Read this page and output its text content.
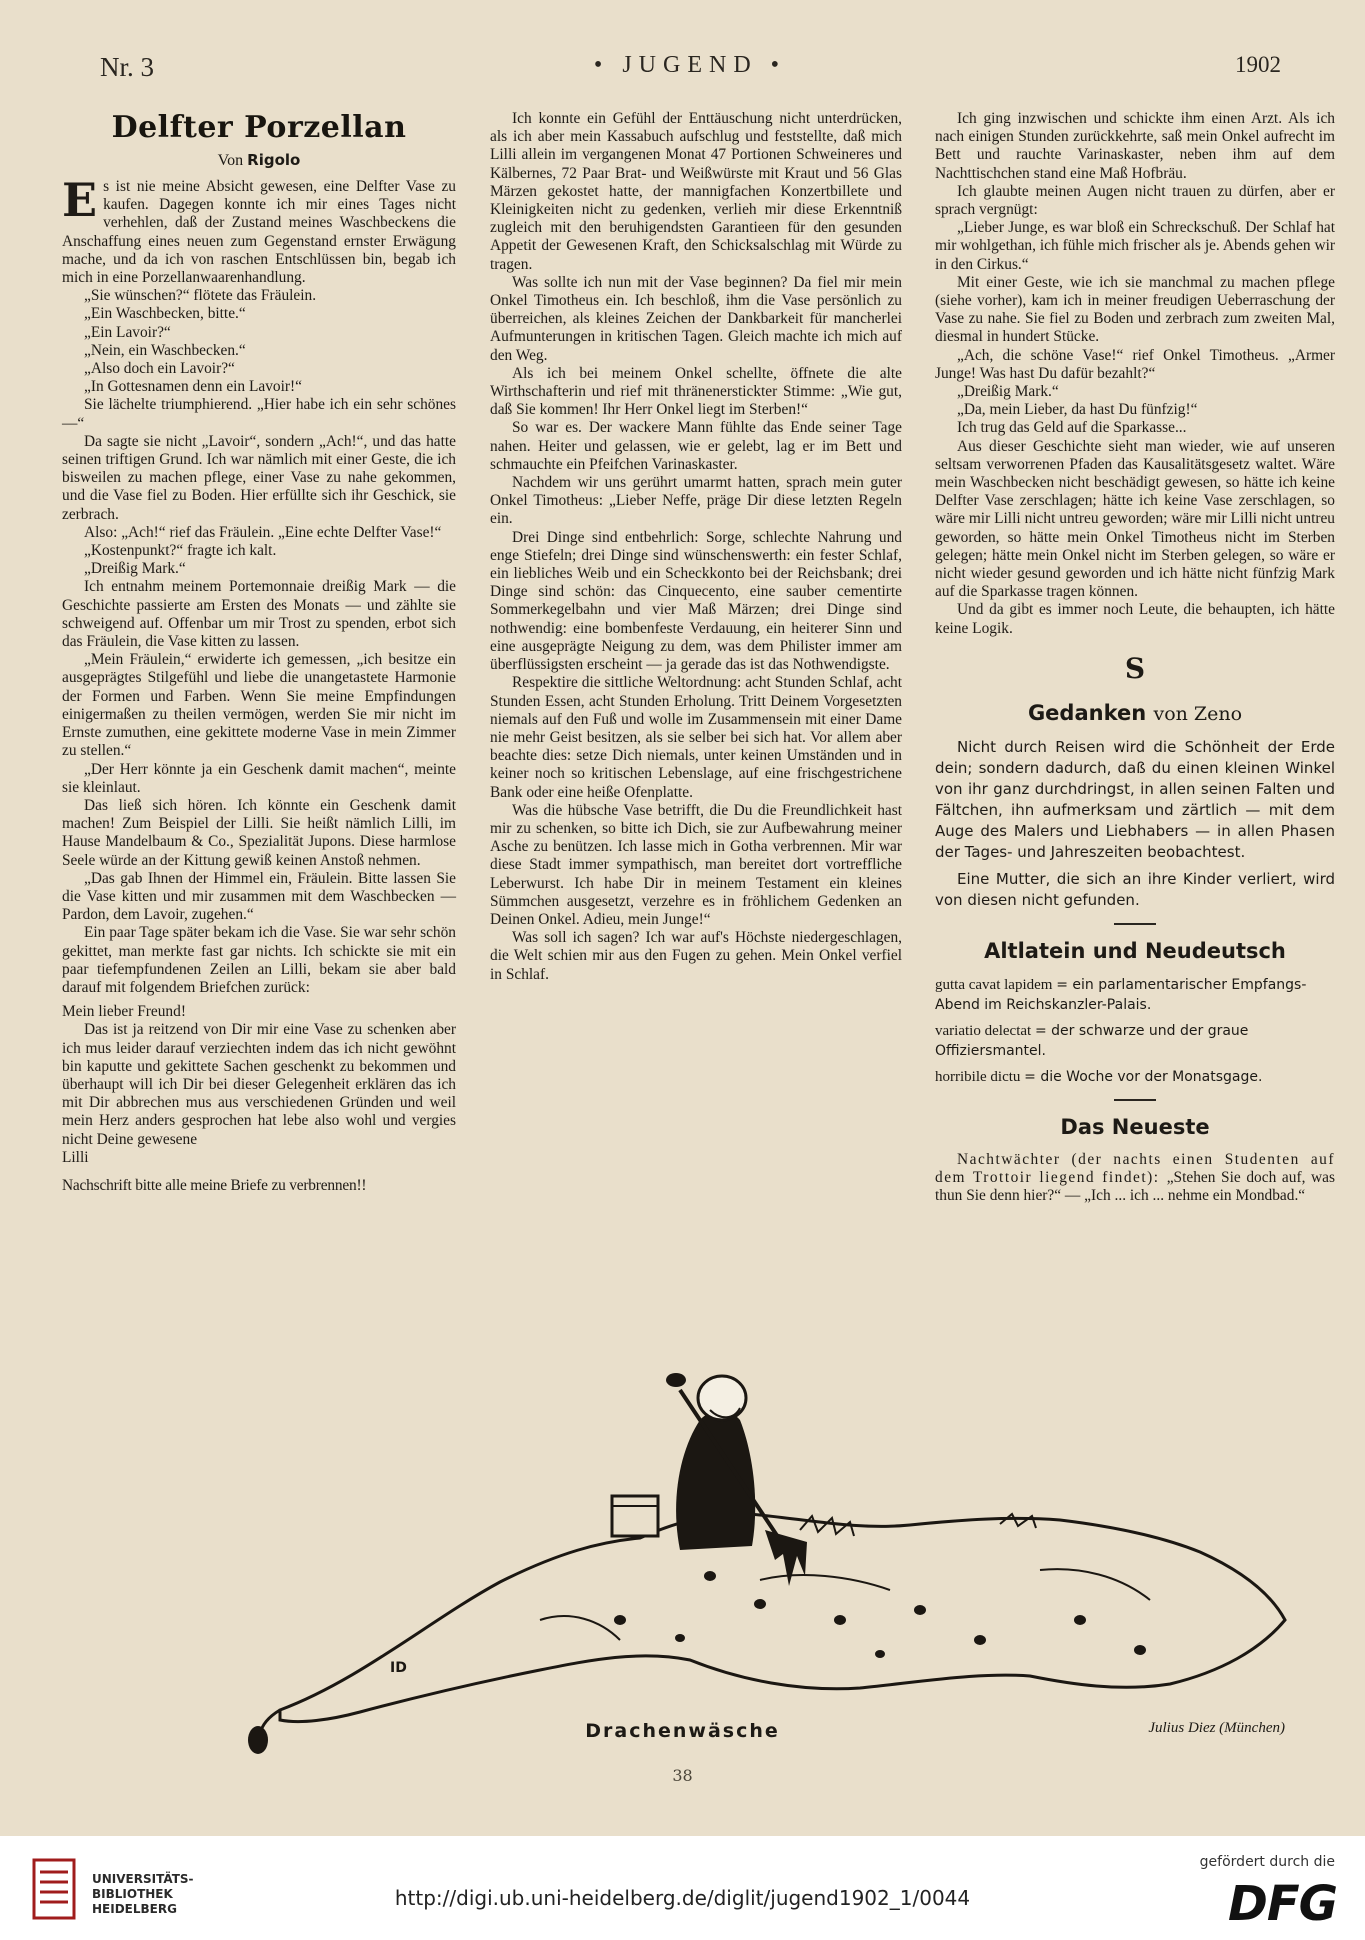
Nr. 3	• JUGEND •	1902
Delfter Porzellan
Von Rigolo

Es ist nie meine Absicht gewesen, eine Delfter Vase zu kaufen. Dagegen konnte ich mir eines Tages nicht verhehlen, daß der Zustand meines Waschbeckens die Anschaffung eines neuen zum Gegenstand ernster Erwägung mache, und da ich von raschen Entschlüssen bin, begab ich mich in eine Porzellanwaarenhandlung.

„Sie wünschen?“ flötete das Fräulein.

„Ein Waschbecken, bitte.“

„Ein Lavoir?“

„Nein, ein Waschbecken.“

„Also doch ein Lavoir?“

„In Gottesnamen denn ein Lavoir!“

Sie lächelte triumphierend. „Hier habe ich ein sehr schönes —“

Da sagte sie nicht „Lavoir“, sondern „Ach!“, und das hatte seinen triftigen Grund. Ich war nämlich mit einer Geste, die ich bisweilen zu machen pflege, einer Vase zu nahe gekommen, und die Vase fiel zu Boden. Hier erfüllte sich ihr Geschick, sie zerbrach.

Also: „Ach!“ rief das Fräulein. „Eine echte Delfter Vase!“

„Kostenpunkt?“ fragte ich kalt.

„Dreißig Mark.“

Ich entnahm meinem Portemonnaie dreißig Mark — die Geschichte passierte am Ersten des Monats — und zählte sie schweigend auf. Offenbar um mir Trost zu spenden, erbot sich das Fräulein, die Vase kitten zu lassen.

„Mein Fräulein,“ erwiderte ich gemessen, „ich besitze ein ausgeprägtes Stilgefühl und liebe die unangetastete Harmonie der Formen und Farben. Wenn Sie meine Empfindungen einigermaßen zu theilen vermögen, werden Sie mir nicht im Ernste zumuthen, eine gekittete moderne Vase in mein Zimmer zu stellen.“

„Der Herr könnte ja ein Geschenk damit machen“, meinte sie kleinlaut.

Das ließ sich hören. Ich könnte ein Geschenk damit machen! Zum Beispiel der Lilli. Sie heißt nämlich Lilli, im Hause Mandelbaum & Co., Spezialität Jupons. Diese harmlose Seele würde an der Kittung gewiß keinen Anstoß nehmen.

„Das gab Ihnen der Himmel ein, Fräulein. Bitte lassen Sie die Vase kitten und mir zusammen mit dem Waschbecken — Pardon, dem Lavoir, zugehen.“

Ein paar Tage später bekam ich die Vase. Sie war sehr schön gekittet, man merkte fast gar nichts. Ich schickte sie mit ein paar tiefempfundenen Zeilen an Lilli, bekam sie aber bald darauf mit folgendem Briefchen zurück:

Mein lieber Freund!

Das ist ja reitzend von Dir mir eine Vase zu schenken aber ich mus leider darauf verziechten indem das ich nicht gewöhnt bin kaputte und gekittete Sachen geschenkt zu bekommen und überhaupt will ich Dir bei dieser Gelegenheit erklären das ich mit Dir abbrechen mus aus verschiedenen Gründen und weil mein Herz anders gesprochen hat lebe also wohl und vergies nicht Deine gewesene

Lilli

Nachschrift bitte alle meine Briefe zu verbrennen!!

Ich konnte ein Gefühl der Enttäuschung nicht unterdrücken, als ich aber mein Kassabuch aufschlug und feststellte, daß mich Lilli allein im vergangenen Monat 47 Portionen Schweineres und Kälbernes, 72 Paar Brat- und Weißwürste mit Kraut und 56 Glas Märzen gekostet hatte, der mannigfachen Konzertbillete und Kleinigkeiten nicht zu gedenken, verlieh mir diese Erkenntniß zugleich mit den beruhigendsten Garantieen für den gesunden Appetit der Gewesenen Kraft, den Schicksalschlag mit Würde zu tragen.

Was sollte ich nun mit der Vase beginnen? Da fiel mir mein Onkel Timotheus ein. Ich beschloß, ihm die Vase persönlich zu überreichen, als kleines Zeichen der Dankbarkeit für mancherlei Aufmunterungen in kritischen Tagen. Gleich machte ich mich auf den Weg.

Als ich bei meinem Onkel schellte, öffnete die alte Wirthschafterin und rief mit thränenerstickter Stimme: „Wie gut, daß Sie kommen! Ihr Herr Onkel liegt im Sterben!“

So war es. Der wackere Mann fühlte das Ende seiner Tage nahen. Heiter und gelassen, wie er gelebt, lag er im Bett und schmauchte ein Pfeifchen Varinaskaster.

Nachdem wir uns gerührt umarmt hatten, sprach mein guter Onkel Timotheus: „Lieber Neffe, präge Dir diese letzten Regeln ein.

Drei Dinge sind entbehrlich: Sorge, schlechte Nahrung und enge Stiefeln; drei Dinge sind wünschenswerth: ein fester Schlaf, ein liebliches Weib und ein Scheckkonto bei der Reichsbank; drei Dinge sind schön: das Cinquecento, eine sauber cementirte Sommerkegelbahn und vier Maß Märzen; drei Dinge sind nothwendig: eine bombenfeste Verdauung, ein heiterer Sinn und eine ausgeprägte Neigung zu dem, was dem Philister immer am überflüssigsten erscheint — ja gerade das ist das Nothwendigste.

Respektire die sittliche Weltordnung: acht Stunden Schlaf, acht Stunden Essen, acht Stunden Erholung. Tritt Deinem Vorgesetzten niemals auf den Fuß und wolle im Zusammensein mit einer Dame nie mehr Geist besitzen, als sie selber bei sich hat. Vor allem aber beachte dies: setze Dich niemals, unter keinen Umständen und in keiner noch so kritischen Lebenslage, auf eine frischgestrichene Bank oder eine heiße Ofenplatte.

Was die hübsche Vase betrifft, die Du die Freundlichkeit hast mir zu schenken, so bitte ich Dich, sie zur Aufbewahrung meiner Asche zu benützen. Ich lasse mich in Gotha verbrennen. Mir war diese Stadt immer sympathisch, man bereitet dort vortreffliche Leberwurst. Ich habe Dir in meinem Testament ein kleines Sümmchen ausgesetzt, verzehre es in fröhlichem Gedenken an Deinen Onkel. Adieu, mein Junge!“

Was soll ich sagen? Ich war auf's Höchste niedergeschlagen, die Welt schien mir aus den Fugen zu gehen. Mein Onkel verfiel in Schlaf.

Ich ging inzwischen und schickte ihm einen Arzt. Als ich nach einigen Stunden zurückkehrte, saß mein Onkel aufrecht im Bett und rauchte Varinaskaster, neben ihm auf dem Nachttischchen stand eine Maß Hofbräu.

Ich glaubte meinen Augen nicht trauen zu dürfen, aber er sprach vergnügt:

„Lieber Junge, es war bloß ein Schreckschuß. Der Schlaf hat mir wohlgethan, ich fühle mich frischer als je. Abends gehen wir in den Cirkus.“

Mit einer Geste, wie ich sie manchmal zu machen pflege (siehe vorher), kam ich in meiner freudigen Ueberraschung der Vase zu nahe. Sie fiel zu Boden und zerbrach zum zweiten Mal, diesmal in hundert Stücke.

„Ach, die schöne Vase!“ rief Onkel Timotheus. „Armer Junge! Was hast Du dafür bezahlt?“

„Dreißig Mark.“

„Da, mein Lieber, da hast Du fünfzig!“

Ich trug das Geld auf die Sparkasse...

Aus dieser Geschichte sieht man wieder, wie auf unseren seltsam verworrenen Pfaden das Kausalitätsgesetz waltet. Wäre mein Waschbecken nicht beschädigt gewesen, so hätte ich keine Delfter Vase zerschlagen; hätte ich keine Vase zerschlagen, so wäre mir Lilli nicht untreu geworden; wäre mir Lilli nicht untreu geworden, so hätte mein Onkel Timotheus nicht im Sterben gelegen; hätte mein Onkel nicht im Sterben gelegen, so wäre er nicht wieder gesund geworden und ich hätte nicht fünfzig Mark auf die Sparkasse tragen können.

Und da gibt es immer noch Leute, die behaupten, ich hätte keine Logik.

S
Gedanken von Zeno

Nicht durch Reisen wird die Schönheit der Erde dein; sondern dadurch, daß du einen kleinen Winkel von ihr ganz durchdringst, in allen seinen Falten und Fältchen, ihn aufmerksam und zärtlich — mit dem Auge des Malers und Liebhabers — in allen Phasen der Tages- und Jahreszeiten beobachtest.

Eine Mutter, die sich an ihre Kinder verliert, wird von diesen nicht gefunden.

Altlatein und Neudeutsch
gutta cavat lapidem = ein parlamentarischer Empfangs-Abend im Reichskanzler-Palais.
variatio delectat = der schwarze und der graue Offiziersmantel.
horribile dictu = die Woche vor der Monatsgage.
Das Neueste

Nachtwächter (der nachts einen Studenten auf dem Trottoir liegend findet): „Stehen Sie doch auf, was thun Sie denn hier?“ — „Ich ... ich ... nehme ein Mondbad.“

ID
Drachenwäsche	Julius Diez (München)
38
UNIVERSITÄTS-
BIBLIOTHEK
HEIDELBERG	http://digi.ub.uni-heidelberg.de/diglit/jugend1902_1/0044
gefördert durch die
DFG
